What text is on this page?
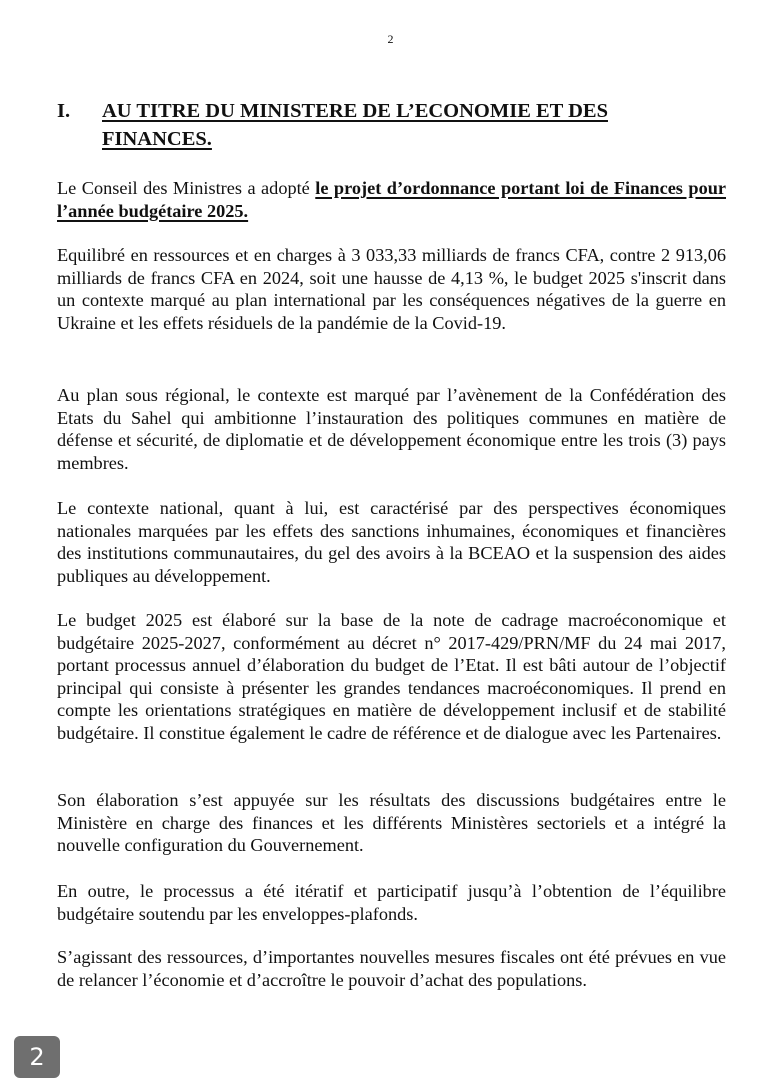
2
I. AU TITRE DU MINISTERE DE L’ECONOMIE ET DES FINANCES.

Le Conseil des Ministres a adopté le projet d’ordonnance portant loi de Finances pour l’année budgétaire 2025.

Equilibré en ressources et en charges à 3 033,33 milliards de francs CFA, contre 2 913,06 milliards de francs CFA en 2024, soit une hausse de 4,13 %, le budget 2025 s'inscrit dans un contexte marqué au plan international par les conséquences négatives de la guerre en Ukraine et les effets résiduels de la pandémie de la Covid-19.

Au plan sous régional, le contexte est marqué par l’avènement de la Confédération des Etats du Sahel qui ambitionne l’instauration des politiques communes en matière de défense et sécurité, de diplomatie et de développement économique entre les trois (3) pays membres.

Le contexte national, quant à lui, est caractérisé par des perspectives économiques nationales marquées par les effets des sanctions inhumaines, économiques et financières des institutions communautaires, du gel des avoirs à la BCEAO et la suspension des aides publiques au développement.

Le budget 2025 est élaboré sur la base de la note de cadrage macroéconomique et budgétaire 2025-2027, conformément au décret n° 2017-429/PRN/MF du 24 mai 2017, portant processus annuel d’élaboration du budget de l’Etat. Il est bâti autour de l’objectif principal qui consiste à présenter les grandes tendances macroéconomiques. Il prend en compte les orientations stratégiques en matière de développement inclusif et de stabilité budgétaire. Il constitue également le cadre de référence et de dialogue avec les Partenaires.

Son élaboration s’est appuyée sur les résultats des discussions budgétaires entre le Ministère en charge des finances et les différents Ministères sectoriels et a intégré la nouvelle configuration du Gouvernement.

En outre, le processus a été itératif et participatif jusqu’à l’obtention de l’équilibre budgétaire soutendu par les enveloppes-plafonds.

S’agissant des ressources, d’importantes nouvelles mesures fiscales ont été prévues en vue de relancer l’économie et d’accroître le pouvoir d’achat des populations.

2
